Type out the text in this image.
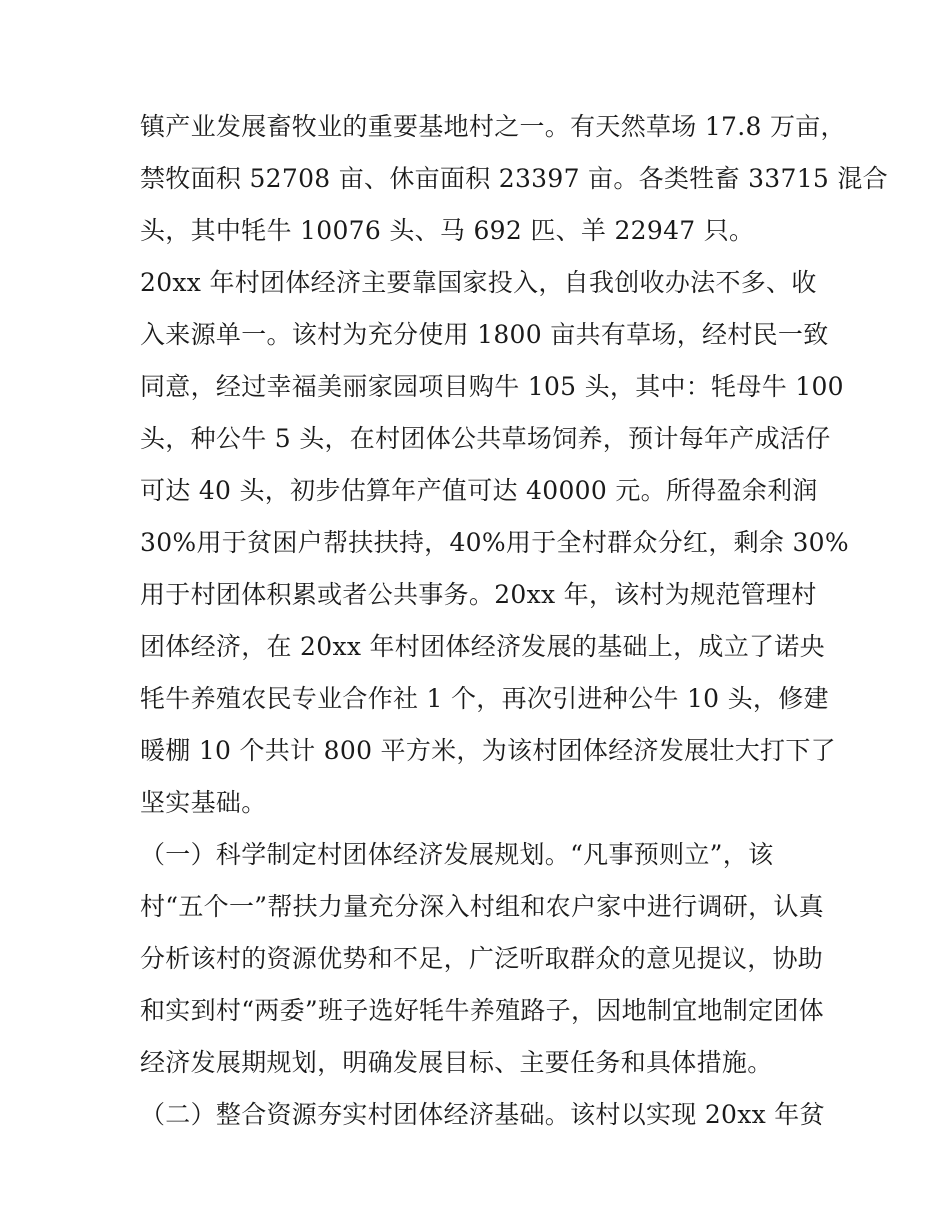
镇产业发展畜牧业的重要基地村之一。有天然草场 17.8 万亩，
禁牧面积 52708 亩、休亩面积 23397 亩。各类牲畜 33715 混合
头，其中牦牛 10076 头、马 692 匹、羊 22947 只。
20xx 年村团体经济主要靠国家投入，自我创收办法不多、收
入来源单一。该村为充分使用 1800 亩共有草场，经村民一致
同意，经过幸福美丽家园项目购牛 105 头，其中：牦母牛 100
头，种公牛 5 头，在村团体公共草场饲养，预计每年产成活仔
可达 40 头，初步估算年产值可达 40000 元。所得盈余利润
30%用于贫困户帮扶扶持，40%用于全村群众分红，剩余 30%
用于村团体积累或者公共事务。20xx 年，该村为规范管理村
团体经济，在 20xx 年村团体经济发展的基础上，成立了诺央
牦牛养殖农民专业合作社 1 个，再次引进种公牛 10 头，修建
暖棚 10 个共计 800 平方米，为该村团体经济发展壮大打下了
坚实基础。
（一）科学制定村团体经济发展规划。“凡事预则立”，该
村“五个一”帮扶力量充分深入村组和农户家中进行调研，认真
分析该村的资源优势和不足，广泛听取群众的意见提议，协助
和实到村“两委”班子选好牦牛养殖路子，因地制宜地制定团体
经济发展期规划，明确发展目标、主要任务和具体措施。
（二）整合资源夯实村团体经济基础。该村以实现 20xx 年贫
